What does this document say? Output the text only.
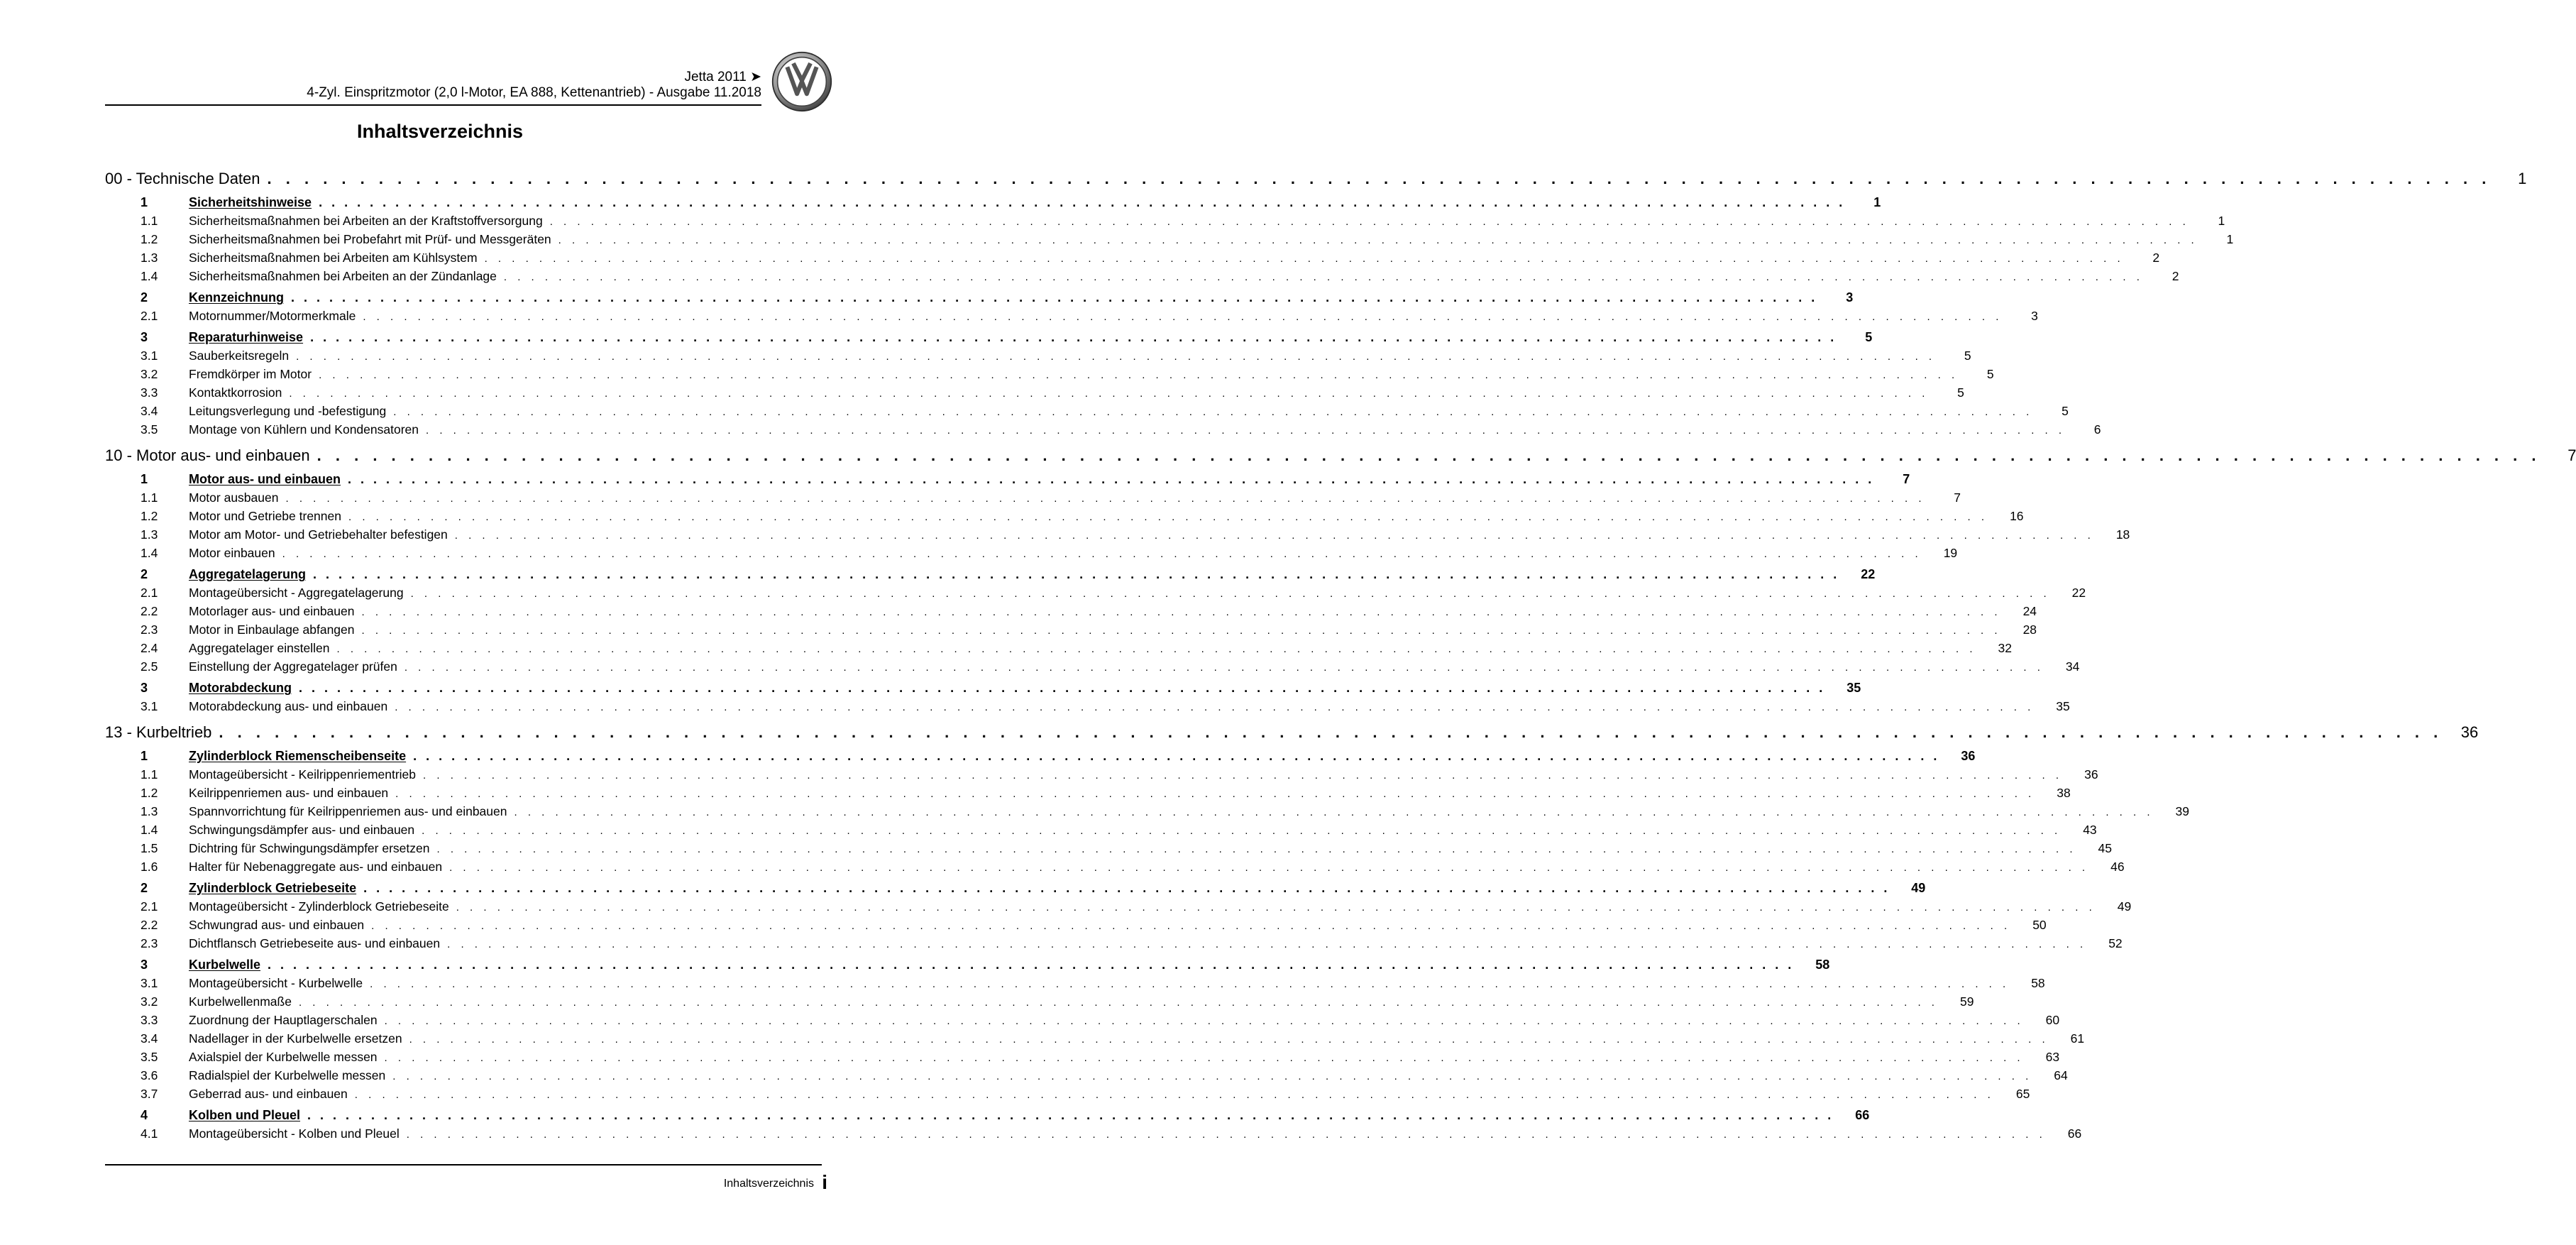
Jetta 2011 ➤
4-Zyl. Einspritzmotor (2,0 l-Motor, EA 888, Kettenantrieb) - Ausgabe 11.2018
Inhaltsverzeichnis
00 - Technische Daten . . . . . . . . . . . . . . . . . . . . . . . . . . . . . . . . . . . . . . . . . . . . . . . . . . . . . . . . . . . . . . . . . . . . . . . . . . . . . . . . . . . . . . . . . . . . . . . . . . . . . . . . . . . . . . . . . . . . . . . .	1
1	Sicherheitshinweise . . . . . . . . . . . . . . . . . . . . . . . . . . . . . . . . . . . . . . . . . . . . . . . . . . . . . . . . . . . . . . . . . . . . . . . . . . . . . . . . . . . . . . . . . . . . . . . . . . . . . . . . . . . . . . . . . . . . . . . .	1
1.1	Sicherheitsmaßnahmen bei Arbeiten an der Kraftstoffversorgung . . . . . . . . . . . . . . . . . . . . . . . . . . . . . . . . . . . . . . . . . . . . . . . . . . . . . . . . . . . . . . . . . . . . . . . . . . . . . . . . . . . . . . . . . . . . . . . . . . . . . . . . . . . . . . . . . . . . . . . .	1
1.2	Sicherheitsmaßnahmen bei Probefahrt mit Prüf- und Messgeräten . . . . . . . . . . . . . . . . . . . . . . . . . . . . . . . . . . . . . . . . . . . . . . . . . . . . . . . . . . . . . . . . . . . . . . . . . . . . . . . . . . . . . . . . . . . . . . . . . . . . . . . . . . . . . . . . . . . . . . . .	1
1.3	Sicherheitsmaßnahmen bei Arbeiten am Kühlsystem . . . . . . . . . . . . . . . . . . . . . . . . . . . . . . . . . . . . . . . . . . . . . . . . . . . . . . . . . . . . . . . . . . . . . . . . . . . . . . . . . . . . . . . . . . . . . . . . . . . . . . . . . . . . . . . . . . . . . . . .	2
1.4	Sicherheitsmaßnahmen bei Arbeiten an der Zündanlage . . . . . . . . . . . . . . . . . . . . . . . . . . . . . . . . . . . . . . . . . . . . . . . . . . . . . . . . . . . . . . . . . . . . . . . . . . . . . . . . . . . . . . . . . . . . . . . . . . . . . . . . . . . . . . . . . . . . . . . .	2
2	Kennzeichnung . . . . . . . . . . . . . . . . . . . . . . . . . . . . . . . . . . . . . . . . . . . . . . . . . . . . . . . . . . . . . . . . . . . . . . . . . . . . . . . . . . . . . . . . . . . . . . . . . . . . . . . . . . . . . . . . . . . . . . . .	3
2.1	Motornummer/Motormerkmale . . . . . . . . . . . . . . . . . . . . . . . . . . . . . . . . . . . . . . . . . . . . . . . . . . . . . . . . . . . . . . . . . . . . . . . . . . . . . . . . . . . . . . . . . . . . . . . . . . . . . . . . . . . . . . . . . . . . . . . .	3
3	Reparaturhinweise . . . . . . . . . . . . . . . . . . . . . . . . . . . . . . . . . . . . . . . . . . . . . . . . . . . . . . . . . . . . . . . . . . . . . . . . . . . . . . . . . . . . . . . . . . . . . . . . . . . . . . . . . . . . . . . . . . . . . . . .	5
3.1	Sauberkeitsregeln . . . . . . . . . . . . . . . . . . . . . . . . . . . . . . . . . . . . . . . . . . . . . . . . . . . . . . . . . . . . . . . . . . . . . . . . . . . . . . . . . . . . . . . . . . . . . . . . . . . . . . . . . . . . . . . . . . . . . . . .	5
3.2	Fremdkörper im Motor . . . . . . . . . . . . . . . . . . . . . . . . . . . . . . . . . . . . . . . . . . . . . . . . . . . . . . . . . . . . . . . . . . . . . . . . . . . . . . . . . . . . . . . . . . . . . . . . . . . . . . . . . . . . . . . . . . . . . . . .	5
3.3	Kontaktkorrosion . . . . . . . . . . . . . . . . . . . . . . . . . . . . . . . . . . . . . . . . . . . . . . . . . . . . . . . . . . . . . . . . . . . . . . . . . . . . . . . . . . . . . . . . . . . . . . . . . . . . . . . . . . . . . . . . . . . . . . . .	5
3.4	Leitungsverlegung und -befestigung . . . . . . . . . . . . . . . . . . . . . . . . . . . . . . . . . . . . . . . . . . . . . . . . . . . . . . . . . . . . . . . . . . . . . . . . . . . . . . . . . . . . . . . . . . . . . . . . . . . . . . . . . . . . . . . . . . . . . . . .	5
3.5	Montage von Kühlern und Kondensatoren . . . . . . . . . . . . . . . . . . . . . . . . . . . . . . . . . . . . . . . . . . . . . . . . . . . . . . . . . . . . . . . . . . . . . . . . . . . . . . . . . . . . . . . . . . . . . . . . . . . . . . . . . . . . . . . . . . . . . . . .	6
10 - Motor aus- und einbauen . . . . . . . . . . . . . . . . . . . . . . . . . . . . . . . . . . . . . . . . . . . . . . . . . . . . . . . . . . . . . . . . . . . . . . . . . . . . . . . . . . . . . . . . . . . . . . . . . . . . . . . . . . . . . . . . . . . . . . . .	7
1	Motor aus- und einbauen . . . . . . . . . . . . . . . . . . . . . . . . . . . . . . . . . . . . . . . . . . . . . . . . . . . . . . . . . . . . . . . . . . . . . . . . . . . . . . . . . . . . . . . . . . . . . . . . . . . . . . . . . . . . . . . . . . . . . . . .	7
1.1	Motor ausbauen . . . . . . . . . . . . . . . . . . . . . . . . . . . . . . . . . . . . . . . . . . . . . . . . . . . . . . . . . . . . . . . . . . . . . . . . . . . . . . . . . . . . . . . . . . . . . . . . . . . . . . . . . . . . . . . . . . . . . . . .	7
1.2	Motor und Getriebe trennen . . . . . . . . . . . . . . . . . . . . . . . . . . . . . . . . . . . . . . . . . . . . . . . . . . . . . . . . . . . . . . . . . . . . . . . . . . . . . . . . . . . . . . . . . . . . . . . . . . . . . . . . . . . . . . . . . . . . . . . .	16
1.3	Motor am Motor- und Getriebehalter befestigen . . . . . . . . . . . . . . . . . . . . . . . . . . . . . . . . . . . . . . . . . . . . . . . . . . . . . . . . . . . . . . . . . . . . . . . . . . . . . . . . . . . . . . . . . . . . . . . . . . . . . . . . . . . . . . . . . . . . . . . .	18
1.4	Motor einbauen . . . . . . . . . . . . . . . . . . . . . . . . . . . . . . . . . . . . . . . . . . . . . . . . . . . . . . . . . . . . . . . . . . . . . . . . . . . . . . . . . . . . . . . . . . . . . . . . . . . . . . . . . . . . . . . . . . . . . . . .	19
2	Aggregatelagerung . . . . . . . . . . . . . . . . . . . . . . . . . . . . . . . . . . . . . . . . . . . . . . . . . . . . . . . . . . . . . . . . . . . . . . . . . . . . . . . . . . . . . . . . . . . . . . . . . . . . . . . . . . . . . . . . . . . . . . . .	22
2.1	Montageübersicht - Aggregatelagerung . . . . . . . . . . . . . . . . . . . . . . . . . . . . . . . . . . . . . . . . . . . . . . . . . . . . . . . . . . . . . . . . . . . . . . . . . . . . . . . . . . . . . . . . . . . . . . . . . . . . . . . . . . . . . . . . . . . . . . . .	22
2.2	Motorlager aus- und einbauen . . . . . . . . . . . . . . . . . . . . . . . . . . . . . . . . . . . . . . . . . . . . . . . . . . . . . . . . . . . . . . . . . . . . . . . . . . . . . . . . . . . . . . . . . . . . . . . . . . . . . . . . . . . . . . . . . . . . . . . .	24
2.3	Motor in Einbaulage abfangen . . . . . . . . . . . . . . . . . . . . . . . . . . . . . . . . . . . . . . . . . . . . . . . . . . . . . . . . . . . . . . . . . . . . . . . . . . . . . . . . . . . . . . . . . . . . . . . . . . . . . . . . . . . . . . . . . . . . . . . .	28
2.4	Aggregatelager einstellen . . . . . . . . . . . . . . . . . . . . . . . . . . . . . . . . . . . . . . . . . . . . . . . . . . . . . . . . . . . . . . . . . . . . . . . . . . . . . . . . . . . . . . . . . . . . . . . . . . . . . . . . . . . . . . . . . . . . . . . .	32
2.5	Einstellung der Aggregatelager prüfen . . . . . . . . . . . . . . . . . . . . . . . . . . . . . . . . . . . . . . . . . . . . . . . . . . . . . . . . . . . . . . . . . . . . . . . . . . . . . . . . . . . . . . . . . . . . . . . . . . . . . . . . . . . . . . . . . . . . . . . .	34
3	Motorabdeckung . . . . . . . . . . . . . . . . . . . . . . . . . . . . . . . . . . . . . . . . . . . . . . . . . . . . . . . . . . . . . . . . . . . . . . . . . . . . . . . . . . . . . . . . . . . . . . . . . . . . . . . . . . . . . . . . . . . . . . . .	35
3.1	Motorabdeckung aus- und einbauen . . . . . . . . . . . . . . . . . . . . . . . . . . . . . . . . . . . . . . . . . . . . . . . . . . . . . . . . . . . . . . . . . . . . . . . . . . . . . . . . . . . . . . . . . . . . . . . . . . . . . . . . . . . . . . . . . . . . . . . .	35
13 - Kurbeltrieb . . . . . . . . . . . . . . . . . . . . . . . . . . . . . . . . . . . . . . . . . . . . . . . . . . . . . . . . . . . . . . . . . . . . . . . . . . . . . . . . . . . . . . . . . . . . . . . . . . . . . . . . . . . . . . . . . . . . . . . .	36
1	Zylinderblock Riemenscheibenseite . . . . . . . . . . . . . . . . . . . . . . . . . . . . . . . . . . . . . . . . . . . . . . . . . . . . . . . . . . . . . . . . . . . . . . . . . . . . . . . . . . . . . . . . . . . . . . . . . . . . . . . . . . . . . . . . . . . . . . . .	36
1.1	Montageübersicht - Keilrippenriementrieb . . . . . . . . . . . . . . . . . . . . . . . . . . . . . . . . . . . . . . . . . . . . . . . . . . . . . . . . . . . . . . . . . . . . . . . . . . . . . . . . . . . . . . . . . . . . . . . . . . . . . . . . . . . . . . . . . . . . . . . .	36
1.2	Keilrippenriemen aus- und einbauen . . . . . . . . . . . . . . . . . . . . . . . . . . . . . . . . . . . . . . . . . . . . . . . . . . . . . . . . . . . . . . . . . . . . . . . . . . . . . . . . . . . . . . . . . . . . . . . . . . . . . . . . . . . . . . . . . . . . . . . .	38
1.3	Spannvorrichtung für Keilrippenriemen aus- und einbauen . . . . . . . . . . . . . . . . . . . . . . . . . . . . . . . . . . . . . . . . . . . . . . . . . . . . . . . . . . . . . . . . . . . . . . . . . . . . . . . . . . . . . . . . . . . . . . . . . . . . . . . . . . . . . . . . . . . . . . . .	39
1.4	Schwingungsdämpfer aus- und einbauen . . . . . . . . . . . . . . . . . . . . . . . . . . . . . . . . . . . . . . . . . . . . . . . . . . . . . . . . . . . . . . . . . . . . . . . . . . . . . . . . . . . . . . . . . . . . . . . . . . . . . . . . . . . . . . . . . . . . . . . .	43
1.5	Dichtring für Schwingungsdämpfer ersetzen . . . . . . . . . . . . . . . . . . . . . . . . . . . . . . . . . . . . . . . . . . . . . . . . . . . . . . . . . . . . . . . . . . . . . . . . . . . . . . . . . . . . . . . . . . . . . . . . . . . . . . . . . . . . . . . . . . . . . . . .	45
1.6	Halter für Nebenaggregate aus- und einbauen . . . . . . . . . . . . . . . . . . . . . . . . . . . . . . . . . . . . . . . . . . . . . . . . . . . . . . . . . . . . . . . . . . . . . . . . . . . . . . . . . . . . . . . . . . . . . . . . . . . . . . . . . . . . . . . . . . . . . . . .	46
2	Zylinderblock Getriebeseite . . . . . . . . . . . . . . . . . . . . . . . . . . . . . . . . . . . . . . . . . . . . . . . . . . . . . . . . . . . . . . . . . . . . . . . . . . . . . . . . . . . . . . . . . . . . . . . . . . . . . . . . . . . . . . . . . . . . . . . .	49
2.1	Montageübersicht - Zylinderblock Getriebeseite . . . . . . . . . . . . . . . . . . . . . . . . . . . . . . . . . . . . . . . . . . . . . . . . . . . . . . . . . . . . . . . . . . . . . . . . . . . . . . . . . . . . . . . . . . . . . . . . . . . . . . . . . . . . . . . . . . . . . . . .	49
2.2	Schwungrad aus- und einbauen . . . . . . . . . . . . . . . . . . . . . . . . . . . . . . . . . . . . . . . . . . . . . . . . . . . . . . . . . . . . . . . . . . . . . . . . . . . . . . . . . . . . . . . . . . . . . . . . . . . . . . . . . . . . . . . . . . . . . . . .	50
2.3	Dichtflansch Getriebeseite aus- und einbauen . . . . . . . . . . . . . . . . . . . . . . . . . . . . . . . . . . . . . . . . . . . . . . . . . . . . . . . . . . . . . . . . . . . . . . . . . . . . . . . . . . . . . . . . . . . . . . . . . . . . . . . . . . . . . . . . . . . . . . . .	52
3	Kurbelwelle . . . . . . . . . . . . . . . . . . . . . . . . . . . . . . . . . . . . . . . . . . . . . . . . . . . . . . . . . . . . . . . . . . . . . . . . . . . . . . . . . . . . . . . . . . . . . . . . . . . . . . . . . . . . . . . . . . . . . . . .	58
3.1	Montageübersicht - Kurbelwelle . . . . . . . . . . . . . . . . . . . . . . . . . . . . . . . . . . . . . . . . . . . . . . . . . . . . . . . . . . . . . . . . . . . . . . . . . . . . . . . . . . . . . . . . . . . . . . . . . . . . . . . . . . . . . . . . . . . . . . . .	58
3.2	Kurbelwellenmaße . . . . . . . . . . . . . . . . . . . . . . . . . . . . . . . . . . . . . . . . . . . . . . . . . . . . . . . . . . . . . . . . . . . . . . . . . . . . . . . . . . . . . . . . . . . . . . . . . . . . . . . . . . . . . . . . . . . . . . . .	59
3.3	Zuordnung der Hauptlagerschalen . . . . . . . . . . . . . . . . . . . . . . . . . . . . . . . . . . . . . . . . . . . . . . . . . . . . . . . . . . . . . . . . . . . . . . . . . . . . . . . . . . . . . . . . . . . . . . . . . . . . . . . . . . . . . . . . . . . . . . . .	60
3.4	Nadellager in der Kurbelwelle ersetzen . . . . . . . . . . . . . . . . . . . . . . . . . . . . . . . . . . . . . . . . . . . . . . . . . . . . . . . . . . . . . . . . . . . . . . . . . . . . . . . . . . . . . . . . . . . . . . . . . . . . . . . . . . . . . . . . . . . . . . . .	61
3.5	Axialspiel der Kurbelwelle messen . . . . . . . . . . . . . . . . . . . . . . . . . . . . . . . . . . . . . . . . . . . . . . . . . . . . . . . . . . . . . . . . . . . . . . . . . . . . . . . . . . . . . . . . . . . . . . . . . . . . . . . . . . . . . . . . . . . . . . . .	63
3.6	Radialspiel der Kurbelwelle messen . . . . . . . . . . . . . . . . . . . . . . . . . . . . . . . . . . . . . . . . . . . . . . . . . . . . . . . . . . . . . . . . . . . . . . . . . . . . . . . . . . . . . . . . . . . . . . . . . . . . . . . . . . . . . . . . . . . . . . . .	64
3.7	Geberrad aus- und einbauen . . . . . . . . . . . . . . . . . . . . . . . . . . . . . . . . . . . . . . . . . . . . . . . . . . . . . . . . . . . . . . . . . . . . . . . . . . . . . . . . . . . . . . . . . . . . . . . . . . . . . . . . . . . . . . . . . . . . . . . .	65
4	Kolben und Pleuel . . . . . . . . . . . . . . . . . . . . . . . . . . . . . . . . . . . . . . . . . . . . . . . . . . . . . . . . . . . . . . . . . . . . . . . . . . . . . . . . . . . . . . . . . . . . . . . . . . . . . . . . . . . . . . . . . . . . . . . .	66
4.1	Montageübersicht - Kolben und Pleuel . . . . . . . . . . . . . . . . . . . . . . . . . . . . . . . . . . . . . . . . . . . . . . . . . . . . . . . . . . . . . . . . . . . . . . . . . . . . . . . . . . . . . . . . . . . . . . . . . . . . . . . . . . . . . . . . . . . . . . . .	66
Inhaltsverzeichnis i
